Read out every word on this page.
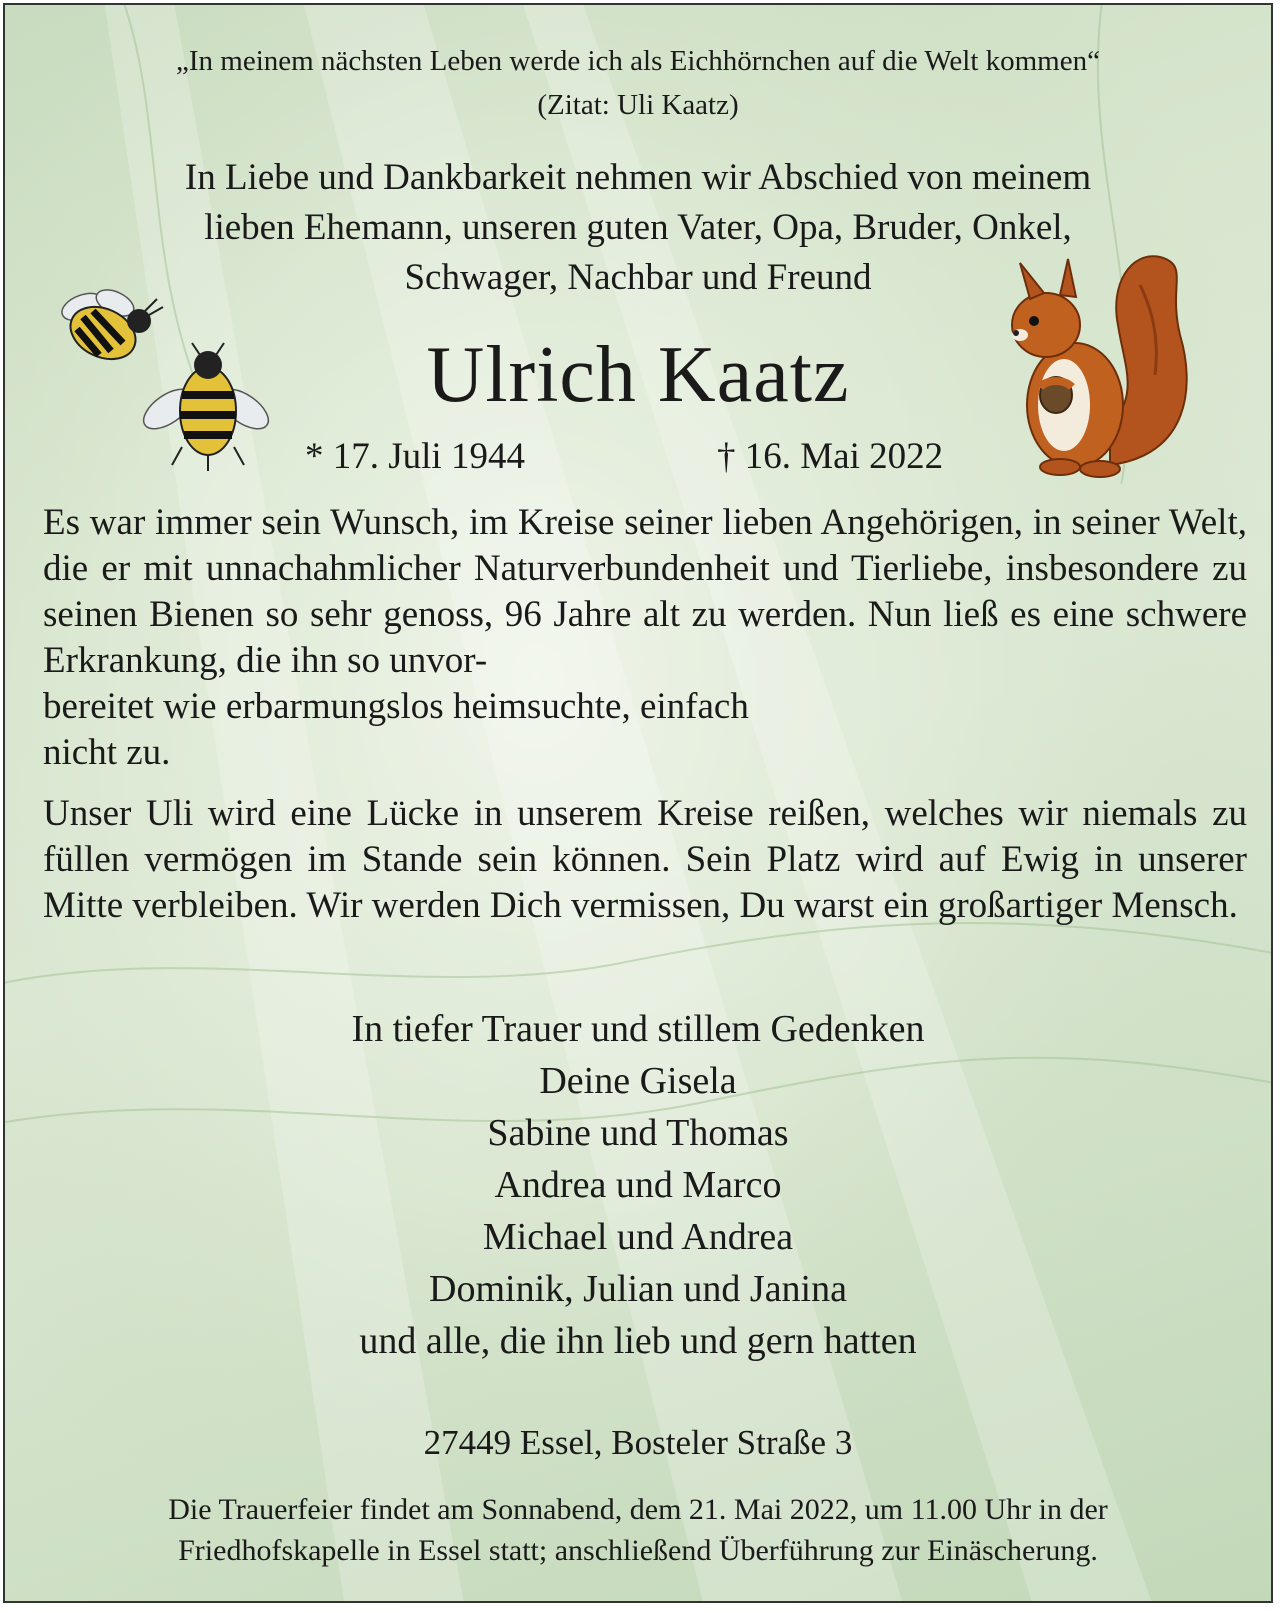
„In meinem nächsten Leben werde ich als Eichhörnchen auf die Welt kommen“
(Zitat: Uli Kaatz)
In Liebe und Dankbarkeit nehmen wir Abschied von meinem
lieben Ehemann, unseren guten Vater, Opa, Bruder, Onkel,
Schwager, Nachbar und Freund
Ulrich Kaatz
* 17. Juli 1944	† 16. Mai 2022
Es war immer sein Wunsch, im Kreise seiner lieben Angehörigen, in seiner Welt, die er mit unnachahmlicher Naturverbundenheit und Tierliebe, insbesondere zu seinen Bienen so sehr genoss, 96 Jahre alt zu werden. Nun ließ es eine schwere Erkrankung, die ihn so unvor-
bereitet wie erbarmungslos heimsuchte, einfach
nicht zu.
Unser Uli wird eine Lücke in unserem Kreise reißen, welches wir niemals zu füllen vermögen im Stande sein können. Sein Platz wird auf Ewig in unserer Mitte verbleiben. Wir werden Dich vermissen, Du warst ein großartiger Mensch.
In tiefer Trauer und stillem Gedenken
Deine Gisela
Sabine und Thomas
Andrea und Marco
Michael und Andrea
Dominik, Julian und Janina
und alle, die ihn lieb und gern hatten
27449 Essel, Bosteler Straße 3
Die Trauerfeier findet am Sonnabend, dem 21. Mai 2022, um 11.00 Uhr in der
Friedhofskapelle in Essel statt; anschließend Überführung zur Einäscherung.
